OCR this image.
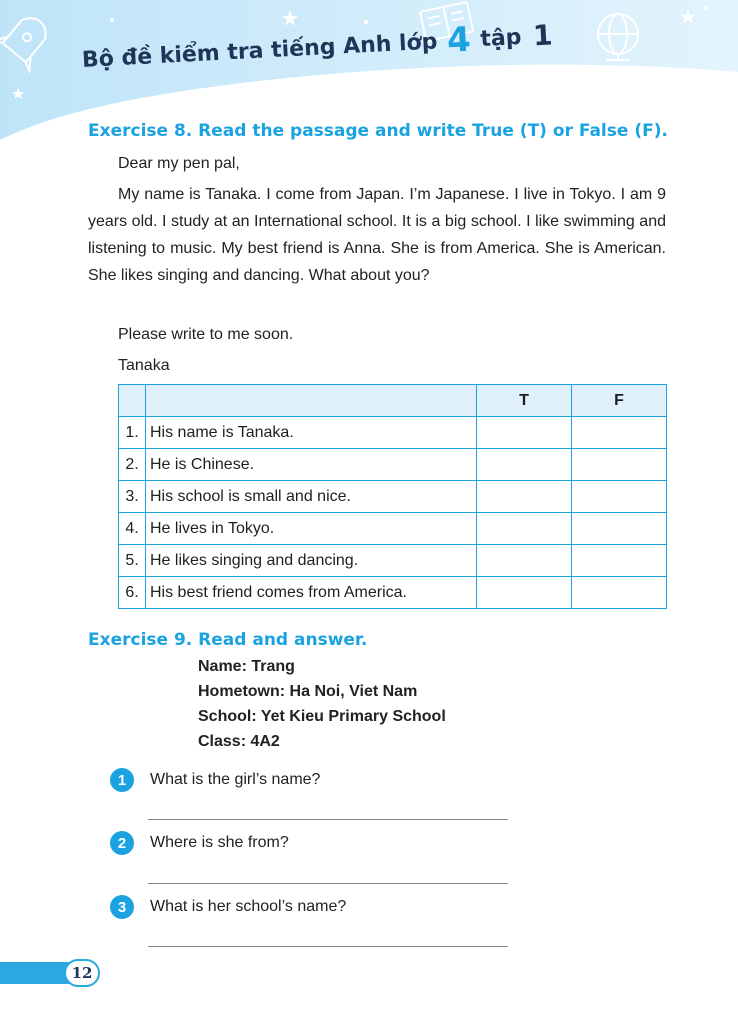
Bộ đề kiểm tra tiếng Anh lớp 4 tập 1
Exercise 8. Read the passage and write True (T) or False (F).
Dear my pen pal,
My name is Tanaka. I come from Japan. I’m Japanese. I live in Tokyo. I am 9 years old. I study at an International school. It is a big school. I like swimming and listening to music. My best friend is Anna. She is from America. She is American. She likes singing and dancing. What about you?
Please write to me soon.
Tanaka
		T	F
1.	His name is Tanaka.		
2.	He is Chinese.		
3.	His school is small and nice.		
4.	He lives in Tokyo.		
5.	He likes singing and dancing.		
6.	His best friend comes from America.		
Exercise 9. Read and answer.
Name: Trang
Hometown: Ha Noi, Viet Nam
School: Yet Kieu Primary School
Class: 4A2
1	What is the girl’s name?
_______________________________________
2	Where is she from?
_______________________________________
3	What is her school’s name?
_______________________________________
12
